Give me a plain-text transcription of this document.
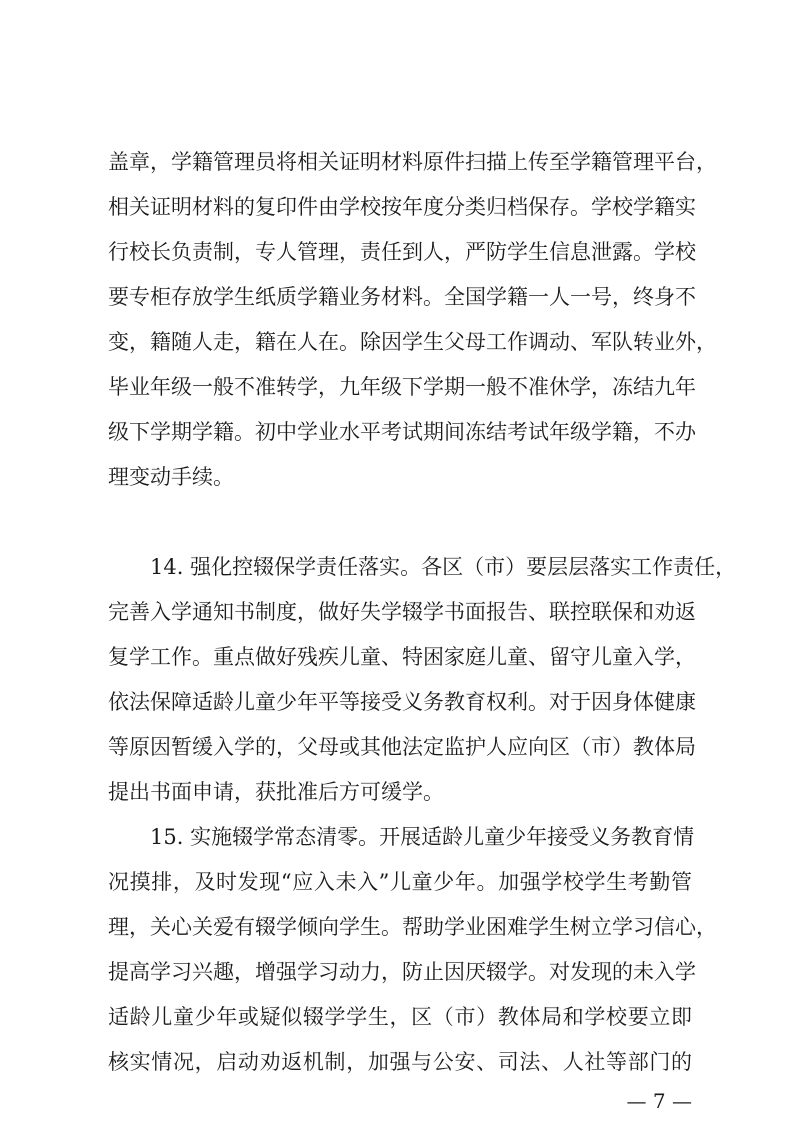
盖章，学籍管理员将相关证明材料原件扫描上传至学籍管理平台，
相关证明材料的复印件由学校按年度分类归档保存。学校学籍实
行校长负责制，专人管理，责任到人，严防学生信息泄露。学校
要专柜存放学生纸质学籍业务材料。全国学籍一人一号，终身不
变，籍随人走，籍在人在。除因学生父母工作调动、军队转业外，
毕业年级一般不准转学，九年级下学期一般不准休学，冻结九年
级下学期学籍。初中学业水平考试期间冻结考试年级学籍，不办
理变动手续。
14. 强化控辍保学责任落实。各区（市）要层层落实工作责任，
完善入学通知书制度，做好失学辍学书面报告、联控联保和劝返
复学工作。重点做好残疾儿童、特困家庭儿童、留守儿童入学，
依法保障适龄儿童少年平等接受义务教育权利。对于因身体健康
等原因暂缓入学的，父母或其他法定监护人应向区（市）教体局
提出书面申请，获批准后方可缓学。
15. 实施辍学常态清零。开展适龄儿童少年接受义务教育情
况摸排，及时发现“应入未入”儿童少年。加强学校学生考勤管
理，关心关爱有辍学倾向学生。帮助学业困难学生树立学习信心，
提高学习兴趣，增强学习动力，防止因厌辍学。对发现的未入学
适龄儿童少年或疑似辍学学生，区（市）教体局和学校要立即
核实情况，启动劝返机制，加强与公安、司法、人社等部门的
— 7 —
